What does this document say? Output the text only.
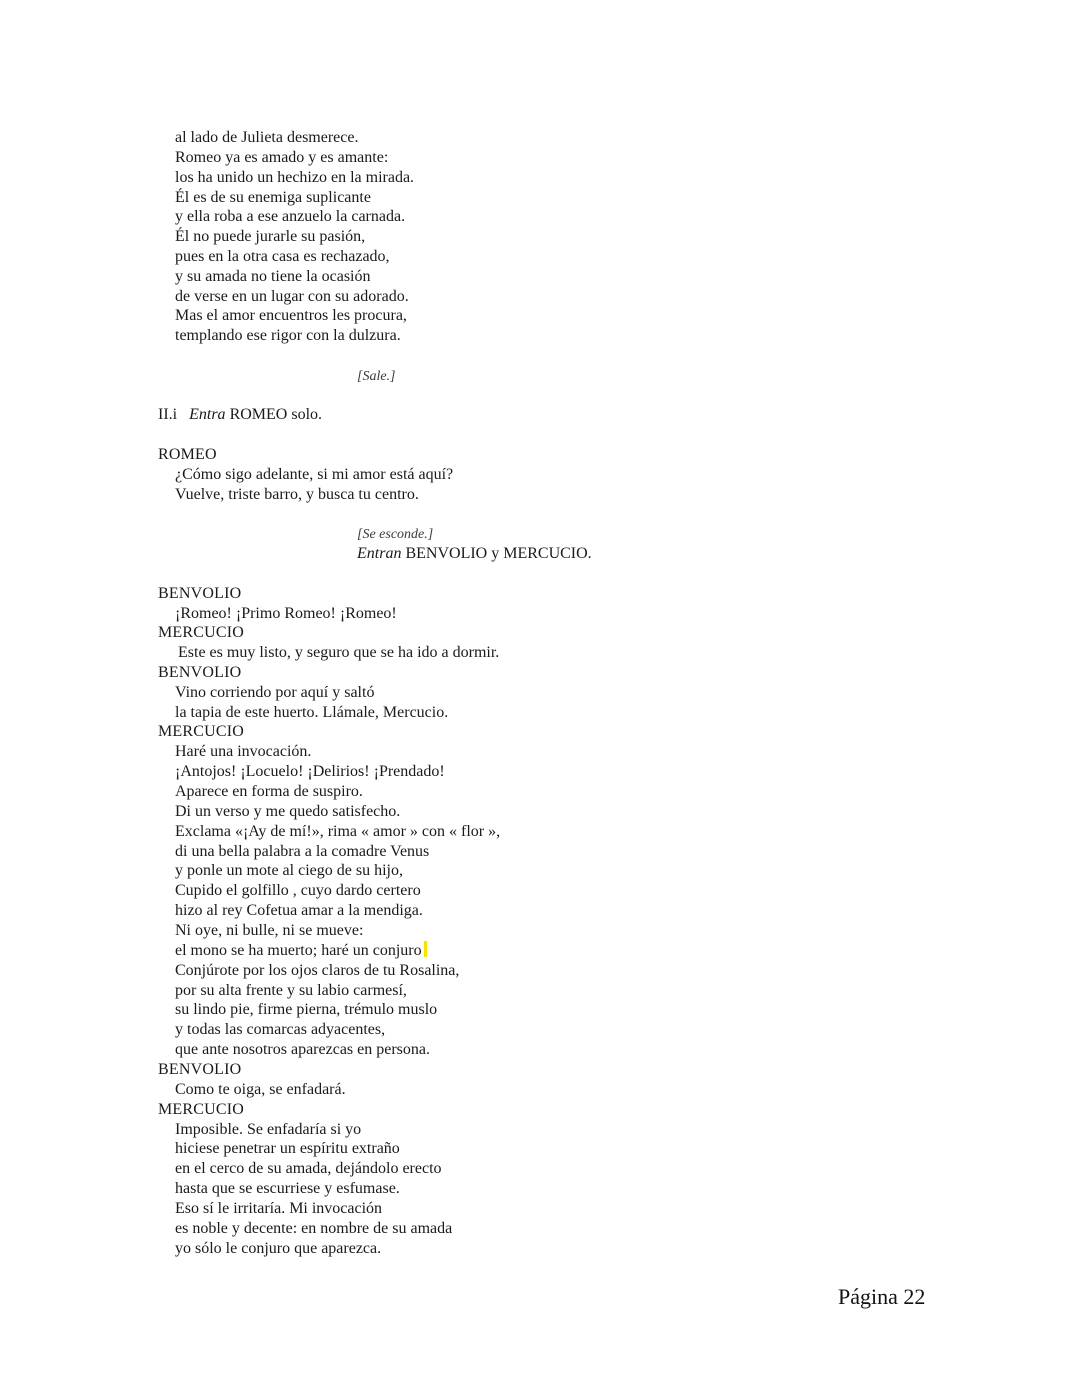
al lado de Julieta desmerece.
Romeo ya es amado y es amante:
los ha unido un hechizo en la mirada.
Él es de su enemiga suplicante
y ella roba a ese anzuelo la carnada.
Él no puede jurarle su pasión,
pues en la otra casa es rechazado,
y su amada no tiene la ocasión
de verse en un lugar con su adorado.
Mas el amor encuentros les procura,
templando ese rigor con la dulzura.
[Sale.]
II.i Entra ROMEO solo.
ROMEO
¿Cómo sigo adelante, si mi amor está aquí?
Vuelve, triste barro, y busca tu centro.
[Se esconde.]
Entran BENVOLIO y MERCUCIO.
BENVOLIO
¡Romeo! ¡Primo Romeo! ¡Romeo!
MERCUCIO
Este es muy listo, y seguro que se ha ido a dormir.
BENVOLIO
Vino corriendo por aquí y saltó
la tapia de este huerto. Llámale, Mercucio.
MERCUCIO
Haré una invocación.
¡Antojos! ¡Locuelo! ¡Delirios! ¡Prendado!
Aparece en forma de suspiro.
Di un verso y me quedo satisfecho.
Exclama «¡Ay de mí!», rima « amor » con « flor »,
di una bella palabra a la comadre Venus
y ponle un mote al ciego de su hijo,
Cupido el golfillo , cuyo dardo certero
hizo al rey Cofetua amar a la mendiga.
Ni oye, ni bulle, ni se mueve:
el mono se ha muerto; haré un conjuro
Conjúrote por los ojos claros de tu Rosalina,
por su alta frente y su labio carmesí,
su lindo pie, firme pierna, trémulo muslo
y todas las comarcas adyacentes,
que ante nosotros aparezcas en persona.
BENVOLIO
Como te oiga, se enfadará.
MERCUCIO
Imposible. Se enfadaría si yo
hiciese penetrar un espíritu extraño
en el cerco de su amada, dejándolo erecto
hasta que se escurriese y esfumase.
Eso sí le irritaría. Mi invocación
es noble y decente: en nombre de su amada
yo sólo le conjuro que aparezca.
Página 22
